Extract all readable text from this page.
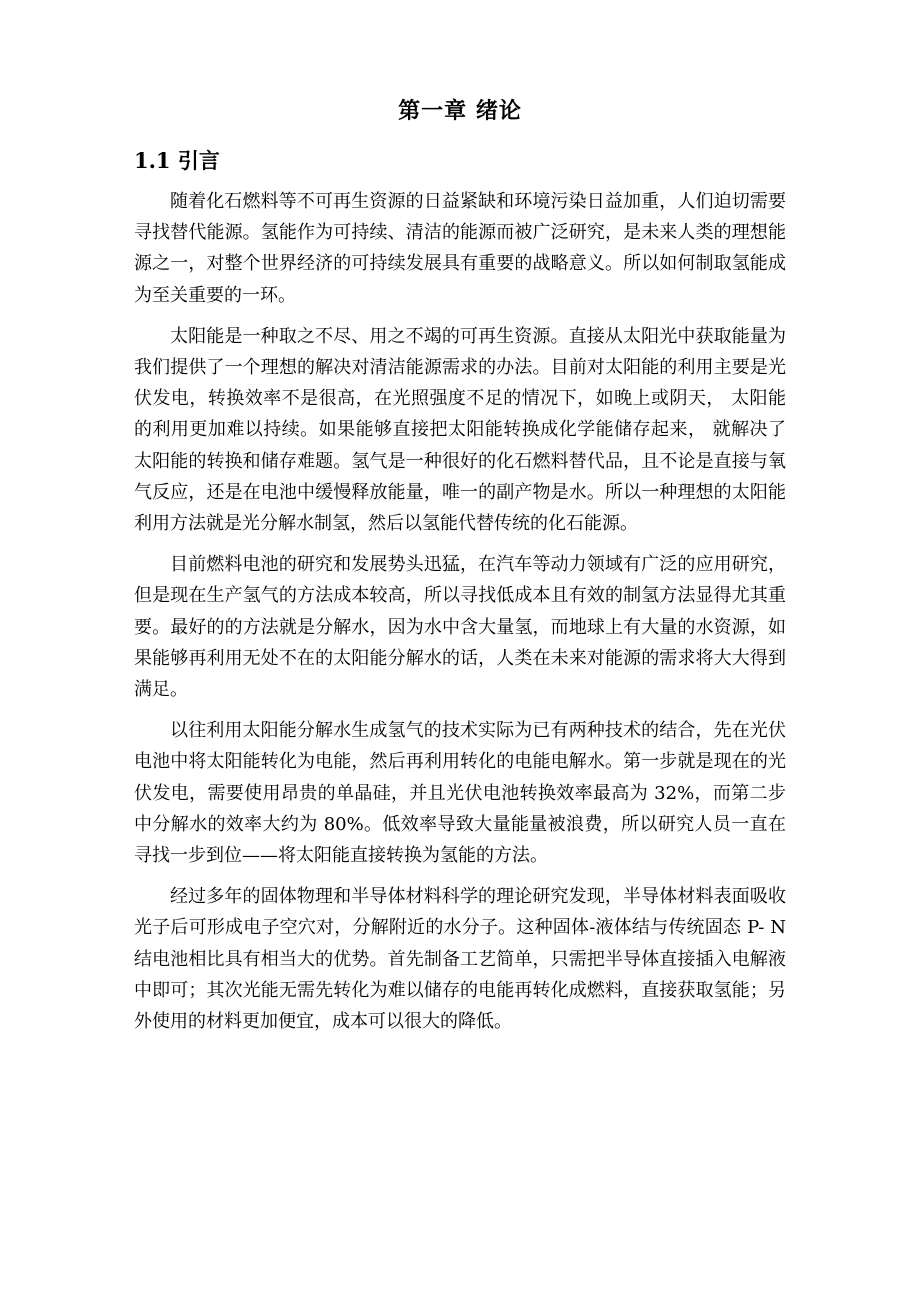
第一章 绪论
1.1 引言

随着化石燃料等不可再生资源的日益紧缺和环境污染日益加重，人们迫切需要寻找替代能源。氢能作为可持续、清洁的能源而被广泛研究，是未来人类的理想能源之一，对整个世界经济的可持续发展具有重要的战略意义。所以如何制取氢能成为至关重要的一环。

太阳能是一种取之不尽、用之不竭的可再生资源。直接从太阳光中获取能量为我们提供了一个理想的解决对清洁能源需求的办法。目前对太阳能的利用主要是光伏发电，转换效率不是很高，在光照强度不足的情况下，如晚上或阴天， 太阳能的利用更加难以持续。如果能够直接把太阳能转换成化学能储存起来， 就解决了太阳能的转换和储存难题。氢气是一种很好的化石燃料替代品，且不论是直接与氧气反应，还是在电池中缓慢释放能量，唯一的副产物是水。所以一种理想的太阳能利用方法就是光分解水制氢，然后以氢能代替传统的化石能源。

目前燃料电池的研究和发展势头迅猛，在汽车等动力领域有广泛的应用研究，但是现在生产氢气的方法成本较高，所以寻找低成本且有效的制氢方法显得尤其重要。最好的的方法就是分解水，因为水中含大量氢，而地球上有大量的水资源，如果能够再利用无处不在的太阳能分解水的话，人类在未来对能源的需求将大大得到满足。

以往利用太阳能分解水生成氢气的技术实际为已有两种技术的结合，先在光伏电池中将太阳能转化为电能，然后再利用转化的电能电解水。第一步就是现在的光伏发电，需要使用昂贵的单晶硅，并且光伏电池转换效率最高为 32%，而第二步中分解水的效率大约为 80%。低效率导致大量能量被浪费，所以研究人员一直在寻找一步到位——将太阳能直接转换为氢能的方法。

经过多年的固体物理和半导体材料科学的理论研究发现，半导体材料表面吸收光子后可形成电子空穴对，分解附近的水分子。这种固体-液体结与传统固态 P- N 结电池相比具有相当大的优势。首先制备工艺简单，只需把半导体直接插入电解液中即可；其次光能无需先转化为难以储存的电能再转化成燃料，直接获取氢能；另外使用的材料更加便宜，成本可以很大的降低。
